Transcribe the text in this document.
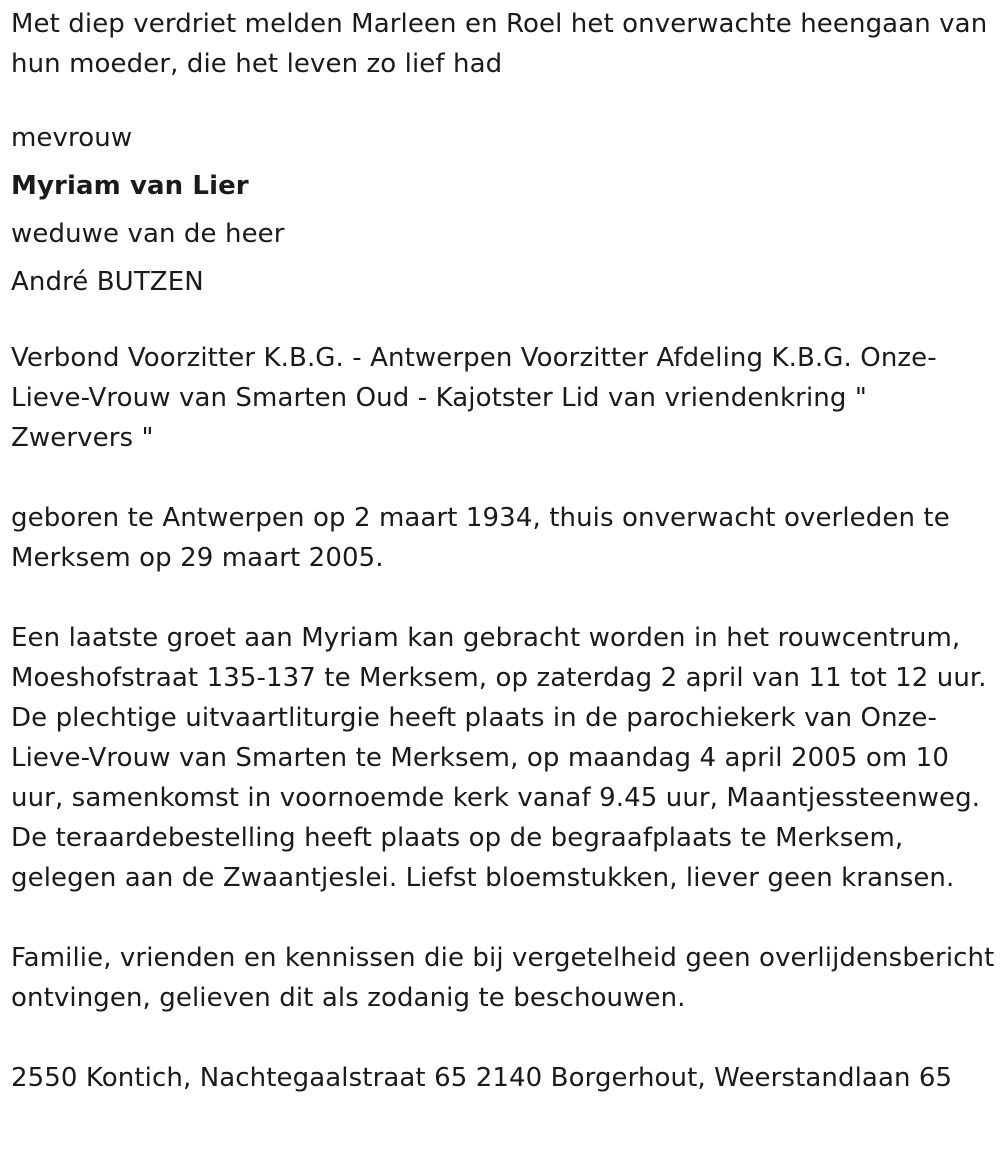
Met diep verdriet melden Marleen en Roel het onverwachte heengaan van hun moeder, die het leven zo lief had

mevrouw

Myriam van Lier

weduwe van de heer

André BUTZEN

Verbond Voorzitter K.B.G. - Antwerpen Voorzitter Afdeling K.B.G. Onze-Lieve-Vrouw van Smarten Oud - Kajotster Lid van vriendenkring " Zwervers "

geboren te Antwerpen op 2 maart 1934, thuis onverwacht overleden te Merksem op 29 maart 2005.

Een laatste groet aan Myriam kan gebracht worden in het rouwcentrum, Moeshofstraat 135-137 te Merksem, op zaterdag 2 april van 11 tot 12 uur. De plechtige uitvaartliturgie heeft plaats in de parochiekerk van Onze-Lieve-Vrouw van Smarten te Merksem, op maandag 4 april 2005 om 10 uur, samenkomst in voornoemde kerk vanaf 9.45 uur, Maantjessteenweg. De teraardebestelling heeft plaats op de begraafplaats te Merksem, gelegen aan de Zwaantjeslei. Liefst bloemstukken, liever geen kransen.

Familie, vrienden en kennissen die bij vergetelheid geen overlijdensbericht ontvingen, gelieven dit als zodanig te beschouwen.

2550 Kontich, Nachtegaalstraat 65 2140 Borgerhout, Weerstandlaan 65
